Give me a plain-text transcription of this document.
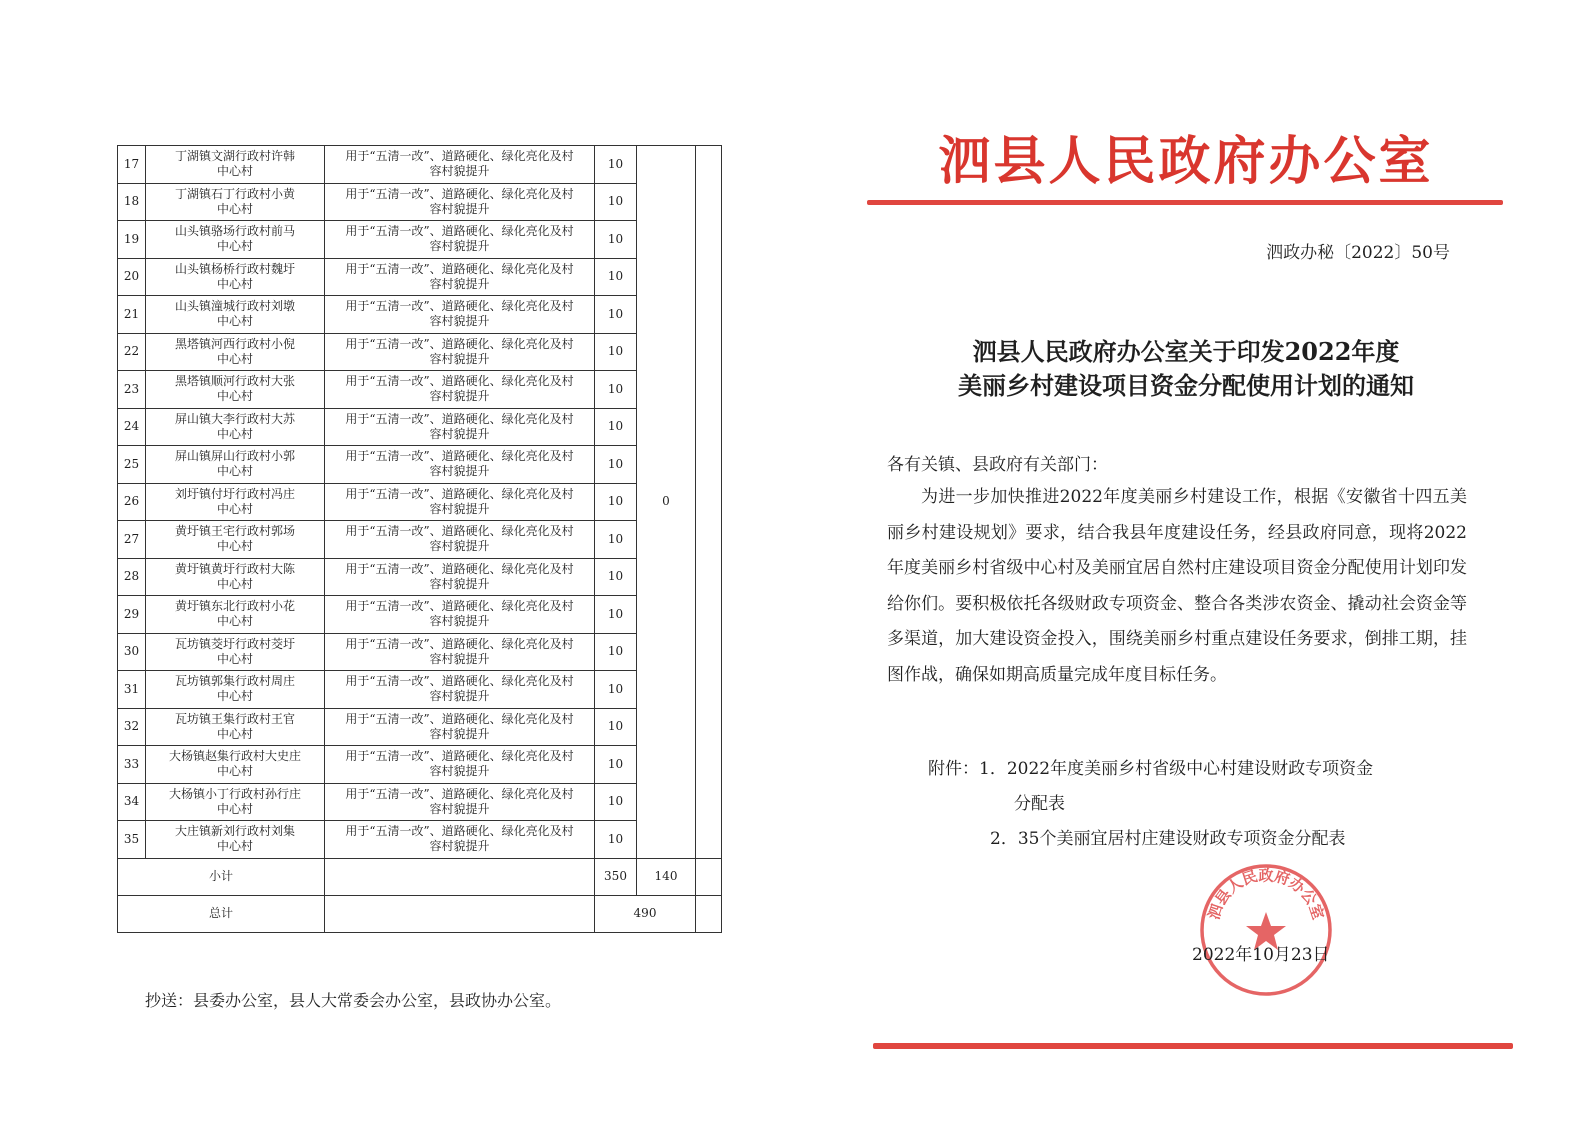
17	丁湖镇文湖行政村许韩
中心村	用于“五清一改”、道路硬化、绿化亮化及村
容村貌提升	10	0	
18	丁湖镇石丁行政村小黄
中心村	用于“五清一改”、道路硬化、绿化亮化及村
容村貌提升	10		
19	山头镇骆场行政村前马
中心村	用于“五清一改”、道路硬化、绿化亮化及村
容村貌提升	10		
20	山头镇杨桥行政村魏圩
中心村	用于“五清一改”、道路硬化、绿化亮化及村
容村貌提升	10		
21	山头镇潼城行政村刘墩
中心村	用于“五清一改”、道路硬化、绿化亮化及村
容村貌提升	10		
22	黑塔镇河西行政村小倪
中心村	用于“五清一改”、道路硬化、绿化亮化及村
容村貌提升	10		
23	黑塔镇顺河行政村大张
中心村	用于“五清一改”、道路硬化、绿化亮化及村
容村貌提升	10		
24	屏山镇大李行政村大苏
中心村	用于“五清一改”、道路硬化、绿化亮化及村
容村貌提升	10		
25	屏山镇屏山行政村小郭
中心村	用于“五清一改”、道路硬化、绿化亮化及村
容村貌提升	10		
26	刘圩镇付圩行政村冯庄
中心村	用于“五清一改”、道路硬化、绿化亮化及村
容村貌提升	10		
27	黄圩镇王宅行政村郭场
中心村	用于“五清一改”、道路硬化、绿化亮化及村
容村貌提升	10		
28	黄圩镇黄圩行政村大陈
中心村	用于“五清一改”、道路硬化、绿化亮化及村
容村貌提升	10		
29	黄圩镇东北行政村小花
中心村	用于“五清一改”、道路硬化、绿化亮化及村
容村貌提升	10		
30	瓦坊镇茭圩行政村茭圩
中心村	用于“五清一改”、道路硬化、绿化亮化及村
容村貌提升	10		
31	瓦坊镇郭集行政村周庄
中心村	用于“五清一改”、道路硬化、绿化亮化及村
容村貌提升	10		
32	瓦坊镇王集行政村王官
中心村	用于“五清一改”、道路硬化、绿化亮化及村
容村貌提升	10		
33	大杨镇赵集行政村大史庄
中心村	用于“五清一改”、道路硬化、绿化亮化及村
容村貌提升	10		
34	大杨镇小丁行政村孙行庄
中心村	用于“五清一改”、道路硬化、绿化亮化及村
容村貌提升	10		
35	大庄镇新刘行政村刘集
中心村	用于“五清一改”、道路硬化、绿化亮化及村
容村貌提升	10		
小计			350	140	
总计			490		
抄送：县委办公室，县人大常委会办公室，县政协办公室。
泗县人民政府办公室
泗政办秘〔2022〕50号
泗县人民政府办公室关于印发2022年度
美丽乡村建设项目资金分配使用计划的通知
各有关镇、县政府有关部门：
为进一步加快推进2022年度美丽乡村建设工作，根据《安徽省十四五美丽乡村建设规划》要求，结合我县年度建设任务，经县政府同意，现将2022年度美丽乡村省级中心村及美丽宜居自然村庄建设项目资金分配使用计划印发给你们。要积极依托各级财政专项资金、整合各类涉农资金、撬动社会资金等多渠道，加大建设资金投入，围绕美丽乡村重点建设任务要求，倒排工期，挂图作战，确保如期高质量完成年度目标任务。
附件：1．2022年度美丽乡村省级中心村建设财政专项资金
分配表
2．35个美丽宜居村庄建设财政专项资金分配表
泗县人民政府办公室
2022年10月23日
